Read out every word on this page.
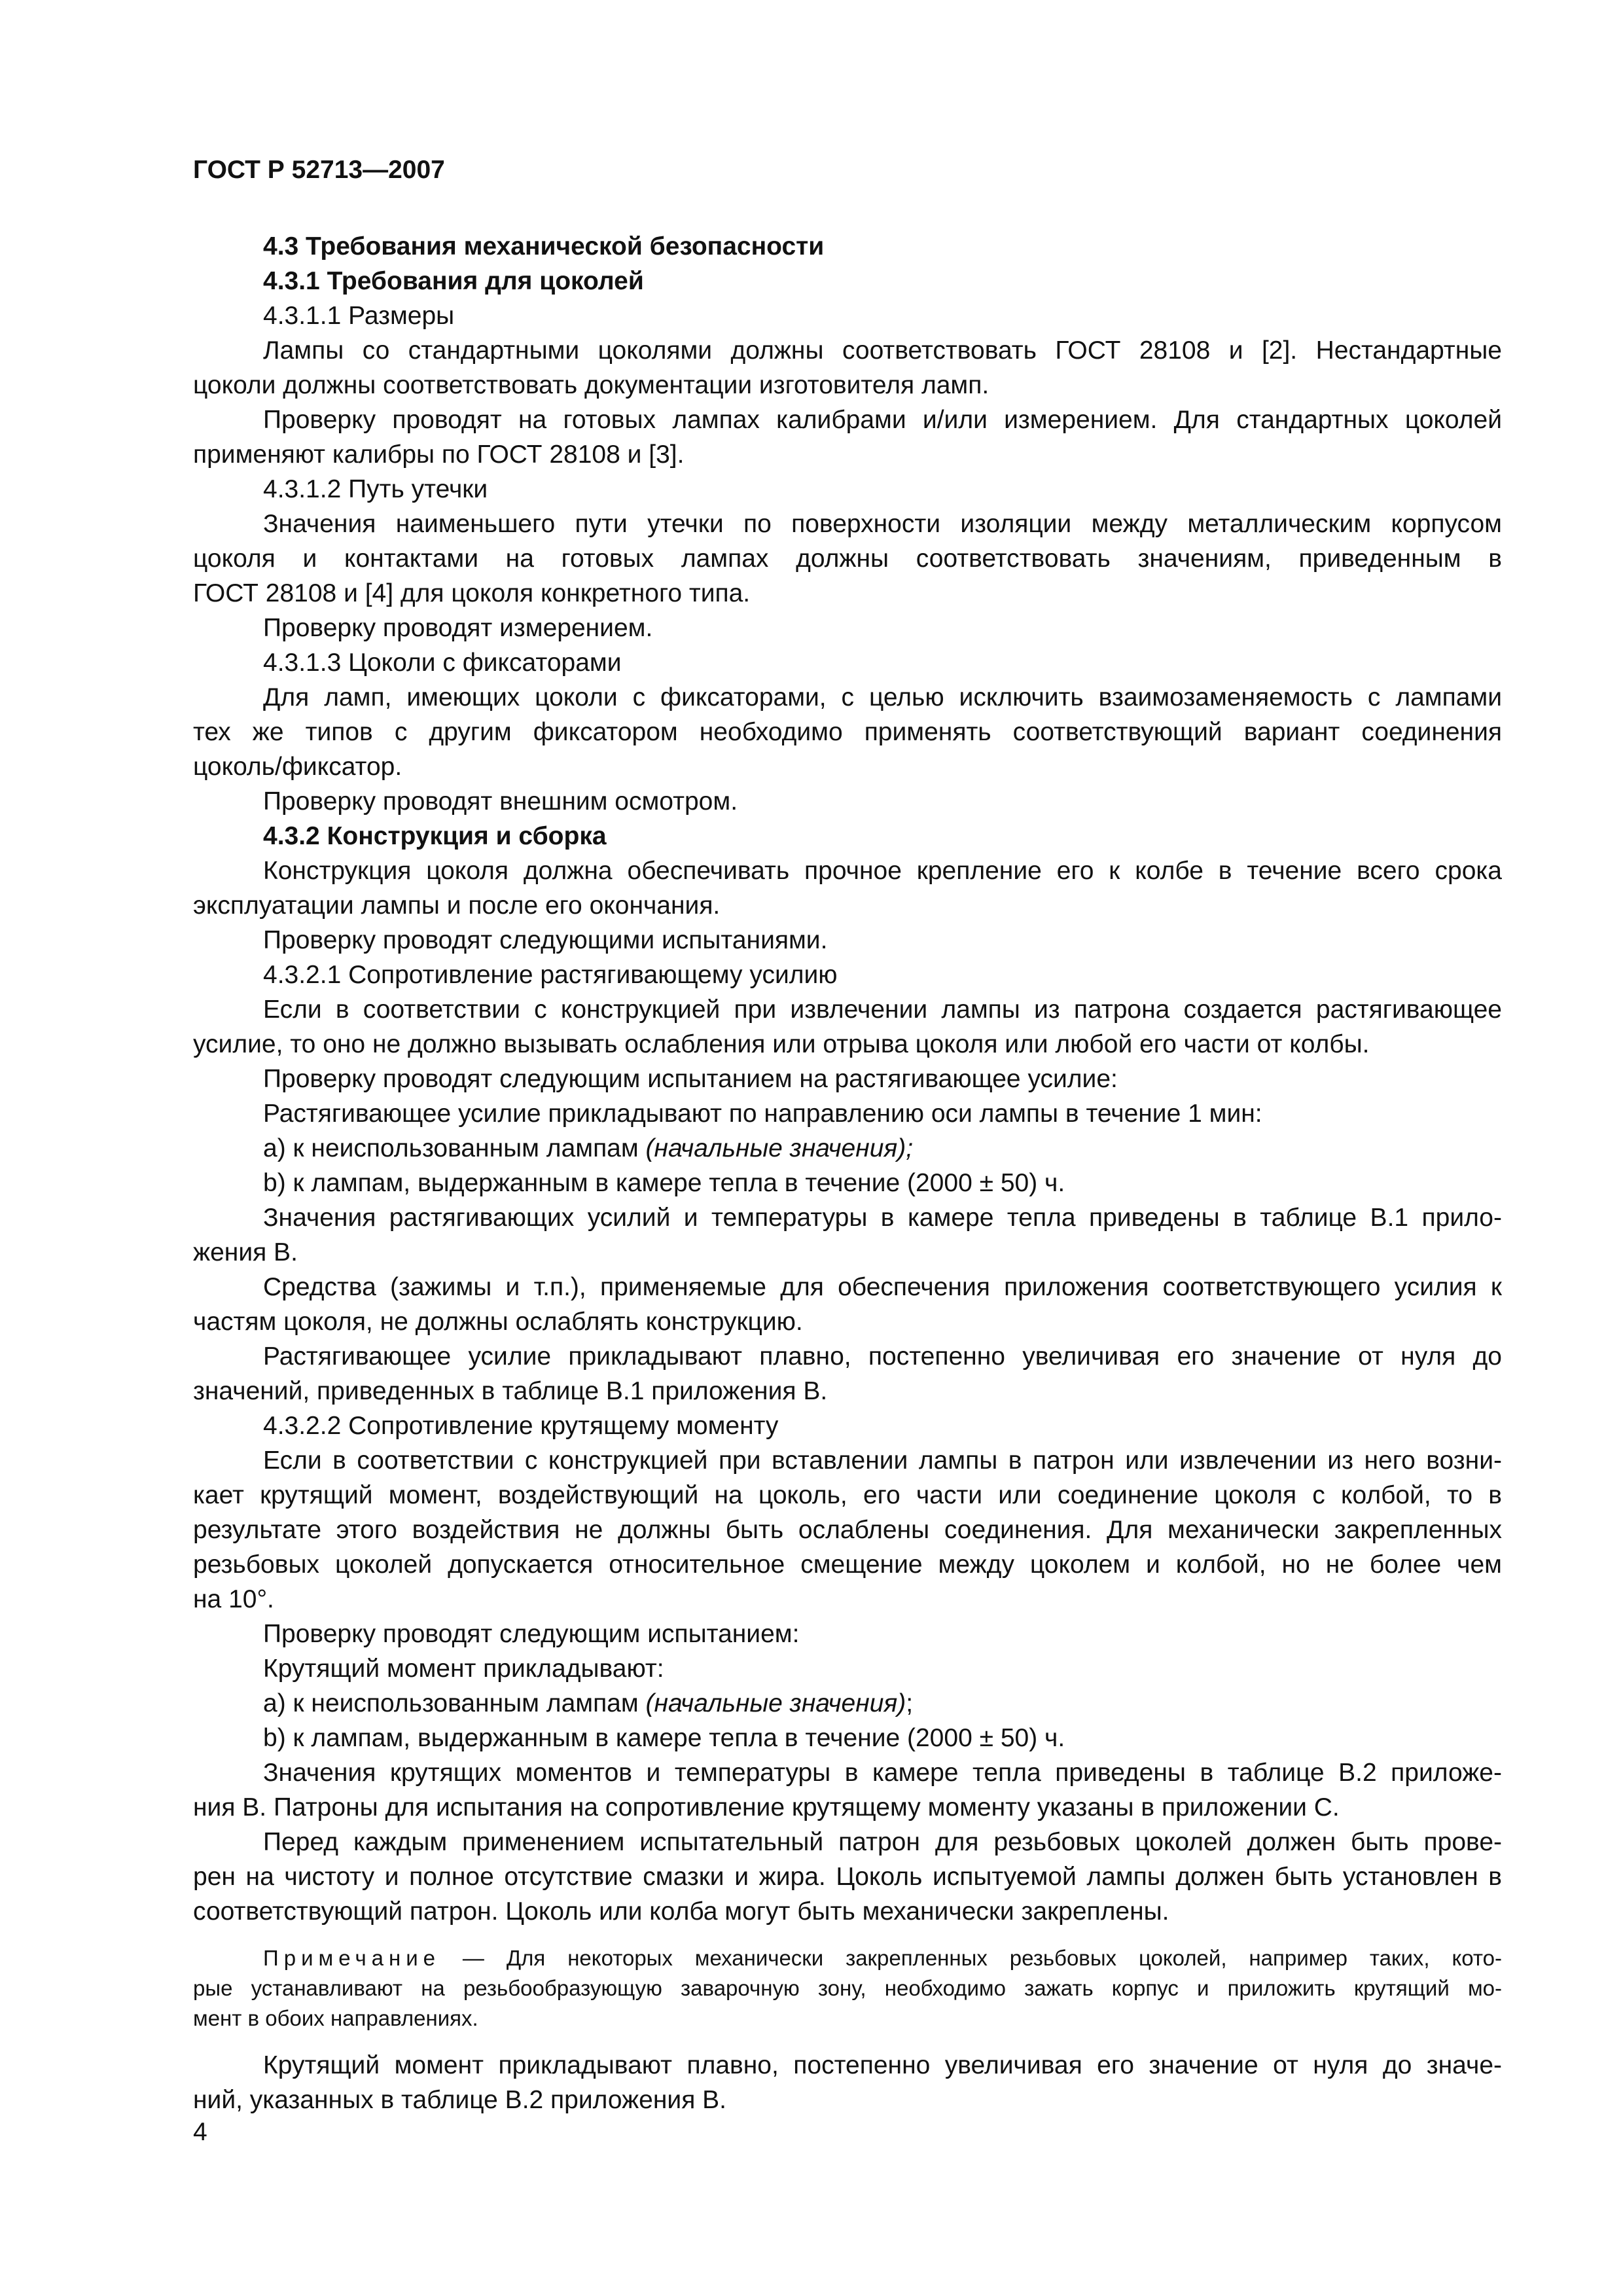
ГОСТ Р 52713—2007

4.3 Требования механической безопасности

4.3.1 Требования для цоколей

4.3.1.1 Размеры

Лампы со стандартными цоколями должны соответствовать ГОСТ 28108 и [2]. Нестандартные

цоколи должны соответствовать документации изготовителя ламп.

Проверку проводят на готовых лампах калибрами и/или измерением. Для стандартных цоколей

применяют калибры по ГОСТ 28108 и [3].

4.3.1.2 Путь утечки

Значения наименьшего пути утечки по поверхности изоляции между металлическим корпусом

цоколя и контактами на готовых лампах должны соответствовать значениям, приведенным в

ГОСТ 28108 и [4] для цоколя конкретного типа.

Проверку проводят измерением.

4.3.1.3 Цоколи с фиксаторами

Для ламп, имеющих цоколи с фиксаторами, с целью исключить взаимозаменяемость с лампами

тех же типов с другим фиксатором необходимо применять соответствующий вариант соединения

цоколь/фиксатор.

Проверку проводят внешним осмотром.

4.3.2 Конструкция и сборка

Конструкция цоколя должна обеспечивать прочное крепление его к колбе в течение всего срока

эксплуатации лампы и после его окончания.

Проверку проводят следующими испытаниями.

4.3.2.1 Сопротивление растягивающему усилию

Если в соответствии с конструкцией при извлечении лампы из патрона создается растягивающее

усилие, то оно не должно вызывать ослабления или отрыва цоколя или любой его части от колбы.

Проверку проводят следующим испытанием на растягивающее усилие:

Растягивающее усилие прикладывают по направлению оси лампы в течение 1 мин:

a) к неиспользованным лампам (начальные значения);

b) к лампам, выдержанным в камере тепла в течение (2000 ± 50) ч.

Значения растягивающих усилий и температуры в камере тепла приведены в таблице В.1 прило-

жения В.

Средства (зажимы и т.п.), применяемые для обеспечения приложения соответствующего усилия к

частям цоколя, не должны ослаблять конструкцию.

Растягивающее усилие прикладывают плавно, постепенно увеличивая его значение от нуля до

значений, приведенных в таблице В.1 приложения В.

4.3.2.2 Сопротивление крутящему моменту

Если в соответствии с конструкцией при вставлении лампы в патрон или извлечении из него возни-

кает крутящий момент, воздействующий на цоколь, его части или соединение цоколя с колбой, то в

результате этого воздействия не должны быть ослаблены соединения. Для механически закрепленных

резьбовых цоколей допускается относительное смещение между цоколем и колбой, но не более чем

на 10°.

Проверку проводят следующим испытанием:

Крутящий момент прикладывают:

a) к неиспользованным лампам (начальные значения);

b) к лампам, выдержанным в камере тепла в течение (2000 ± 50) ч.

Значения крутящих моментов и температуры в камере тепла приведены в таблице В.2 приложе-

ния В. Патроны для испытания на сопротивление крутящему моменту указаны в приложении С.

Перед каждым применением испытательный патрон для резьбовых цоколей должен быть прове-

рен на чистоту и полное отсутствие смазки и жира. Цоколь испытуемой лампы должен быть установлен в

соответствующий патрон. Цоколь или колба могут быть механически закреплены.

Примечание — Для некоторых механически закрепленных резьбовых цоколей, например таких, кото-

рые устанавливают на резьбообразующую заварочную зону, необходимо зажать корпус и приложить крутящий мо-

мент в обоих направлениях.

Крутящий момент прикладывают плавно, постепенно увеличивая его значение от нуля до значе-

ний, указанных в таблице В.2 приложения В.

4
